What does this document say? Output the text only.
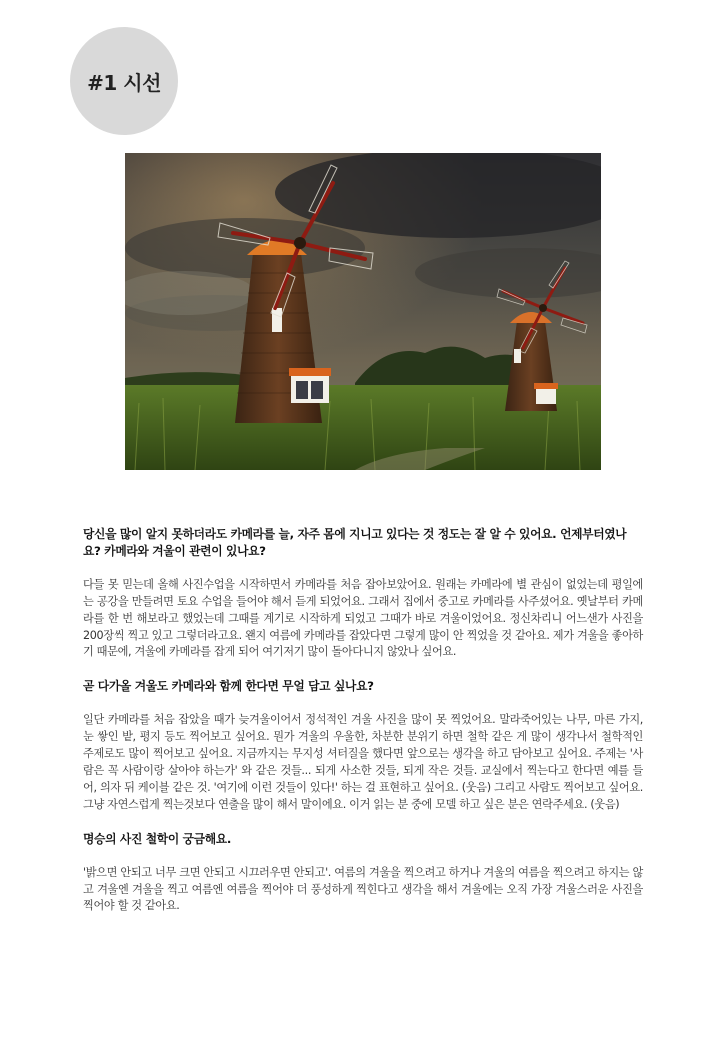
#1 시선

당신을 많이 알지 못하더라도 카메라를 늘, 자주 몸에 지니고 있다는 것 정도는 잘 알 수 있어요. 언제부터였나요? 카메라와 겨울이 관련이 있나요?

다들 못 믿는데 올해 사진수업을 시작하면서 카메라를 처음 잡아보았어요. 원래는 카메라에 별 관심이 없었는데 평일에는 공강을 만들려면 토요 수업을 들어야 해서 듣게 되었어요. 그래서 집에서 중고로 카메라를 사주셨어요. 옛날부터 카메라를 한 번 해보라고 했었는데 그때를 계기로 시작하게 되었고 그때가 바로 겨울이었어요. 정신차리니 어느샌가 사진을 200장씩 찍고 있고 그렇더라고요. 왠지 여름에 카메라를 잡았다면 그렇게 많이 안 찍었을 것 같아요. 제가 겨울을 좋아하기 때문에, 겨울에 카메라를 잡게 되어 여기저기 많이 돌아다니지 않았나 싶어요.

곧 다가올 겨울도 카메라와 함께 한다면 무얼 담고 싶나요?

일단 카메라를 처음 잡았을 때가 늦겨울이어서 정석적인 겨울 사진을 많이 못 찍었어요. 말라죽어있는 나무, 마른 가지, 눈 쌓인 밭, 평지 등도 찍어보고 싶어요. 뭔가 겨울의 우울한, 차분한 분위기 하면 철학 같은 게 많이 생각나서 철학적인 주제로도 많이 찍어보고 싶어요. 지금까지는 무지성 셔터질을 했다면 앞으로는 생각을 하고 담아보고 싶어요. 주제는 '사람은 꼭 사람이랑 살아야 하는가' 와 같은 것들... 되게 사소한 것들, 되게 작은 것들. 교실에서 찍는다고 한다면 예를 들어, 의자 뒤 케이블 같은 것. '여기에 이런 것들이 있다!' 하는 걸 표현하고 싶어요. (웃음) 그리고 사람도 찍어보고 싶어요. 그냥 자연스럽게 찍는것보다 연출을 많이 해서 말이에요. 이거 읽는 분 중에 모델 하고 싶은 분은 연락주세요. (웃음)

명승의 사진 철학이 궁금해요.

'밝으면 안되고 너무 크면 안되고 시끄러우면 안되고'. 여름의 겨울을 찍으려고 하거나 겨울의 여름을 찍으려고 하지는 않고 겨울엔 겨울을 찍고 여름엔 여름을 찍어야 더 풍성하게 찍힌다고 생각을 해서 겨울에는 오직 가장 겨울스러운 사진을 찍어야 할 것 같아요.
